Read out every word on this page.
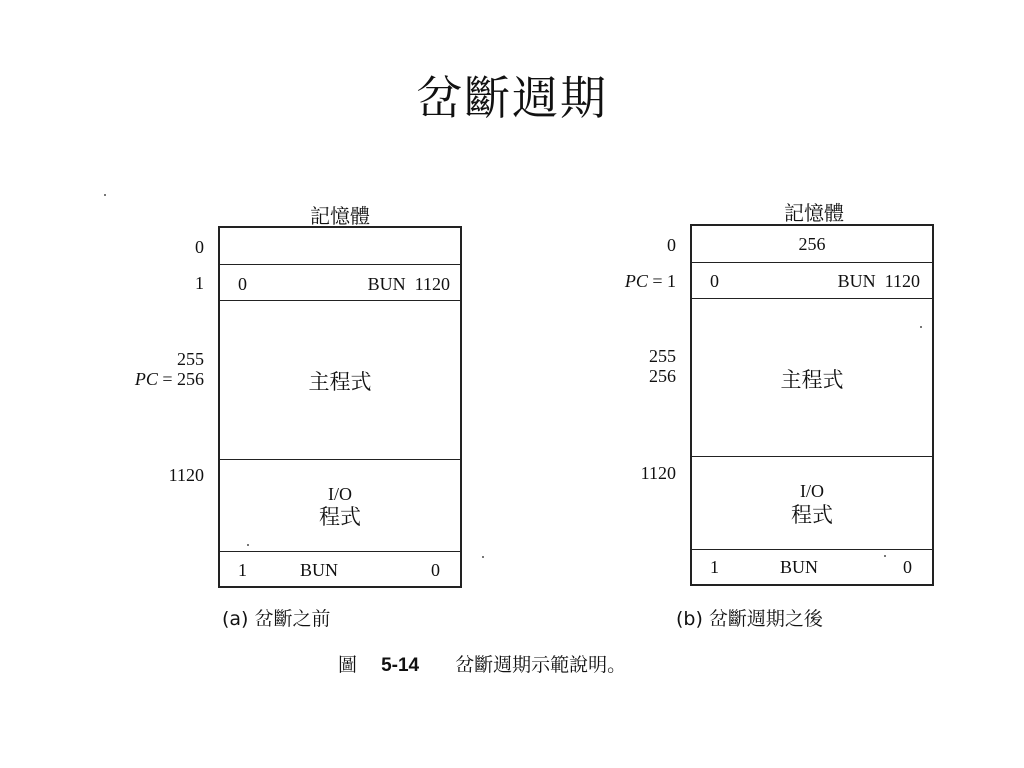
岔斷週期
記憶體
0
1
255
PC = 256
1120
0	BUN  1120
主程式
I/O
程式
1	BUN	0
(a) 岔斷之前
記憶體
0
PC = 1
255
256
1120
256
0	BUN  1120
主程式
I/O
程式
1	BUN	0
(b) 岔斷週期之後
圖 5-14 岔斷週期示範說明。
